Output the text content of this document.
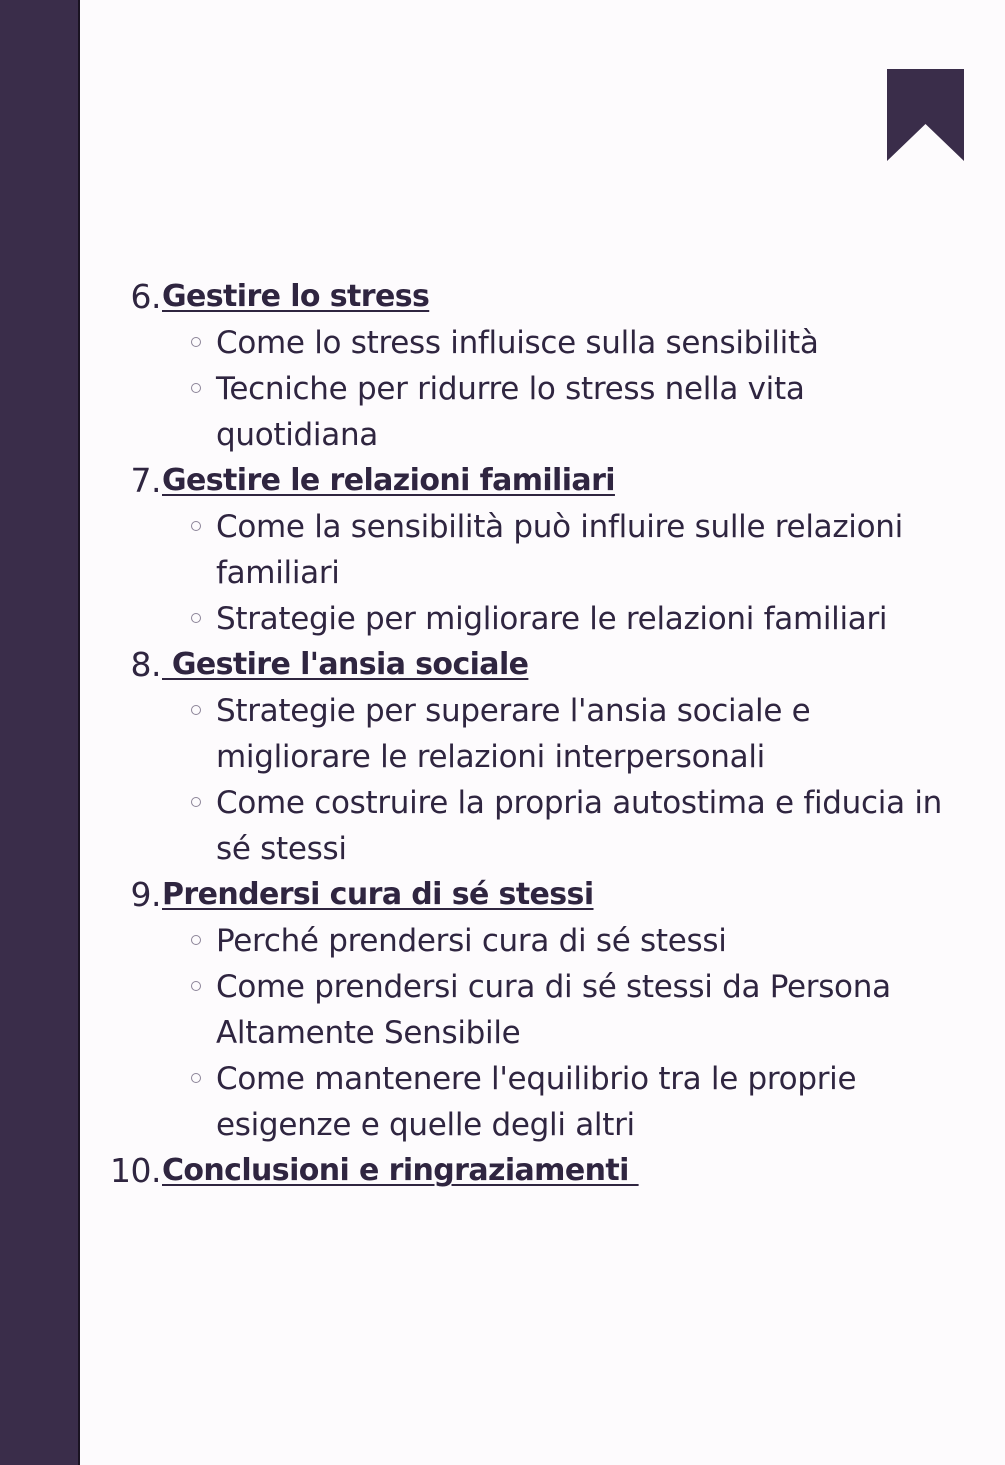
6. Gestire lo stress
Come lo stress influisce sulla sensibilità
Tecniche per ridurre lo stress nella vita quotidiana
7. Gestire le relazioni familiari
Come la sensibilità può influire sulle relazioni familiari
Strategie per migliorare le relazioni familiari
8. Gestire l'ansia sociale
Strategie per superare l'ansia sociale e migliorare le relazioni interpersonali
Come costruire la propria autostima e fiducia in sé stessi
9. Prendersi cura di sé stessi
Perché prendersi cura di sé stessi
Come prendersi cura di sé stessi da Persona Altamente Sensibile
Come mantenere l'equilibrio tra le proprie esigenze e quelle degli altri
10. Conclusioni e ringraziamenti
